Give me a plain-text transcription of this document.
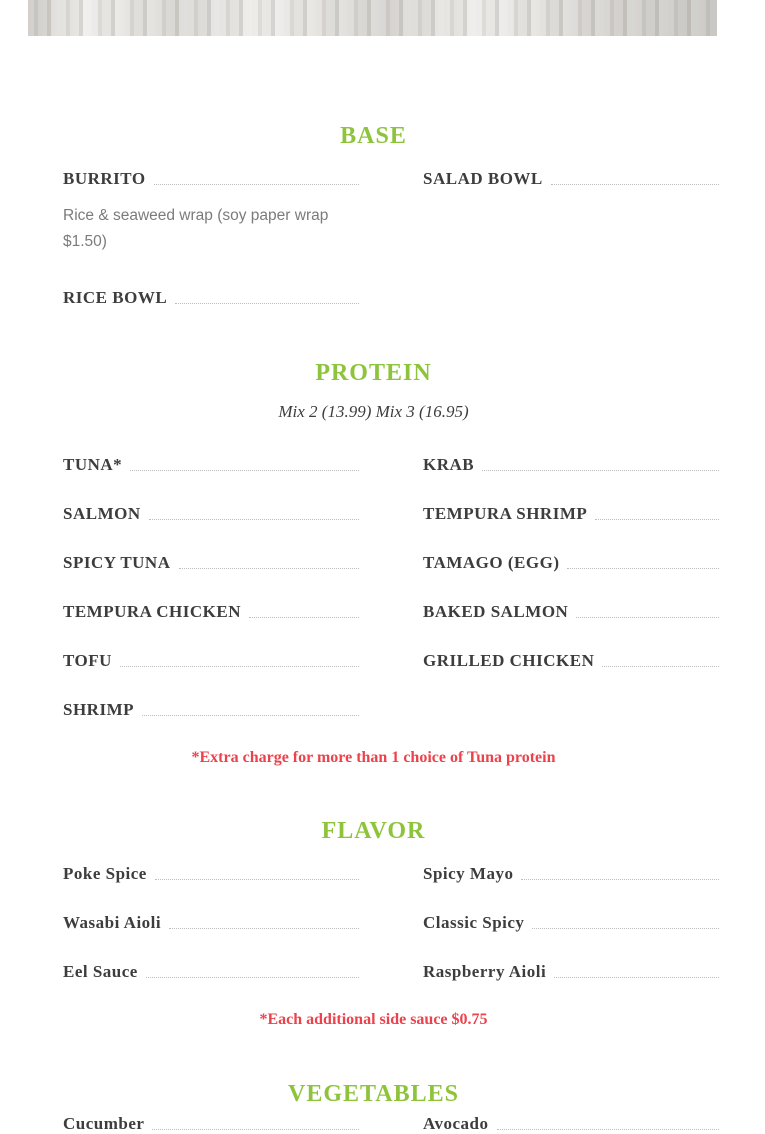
BASE
BURRITO

Rice & seaweed wrap (soy paper wrap $1.50)

RICE BOWL
SALAD BOWL
PROTEIN

Mix 2 (13.99) Mix 3 (16.95)

TUNA*
SALMON
SPICY TUNA
TEMPURA CHICKEN
TOFU
SHRIMP
KRAB
TEMPURA SHRIMP
TAMAGO (EGG)
BAKED SALMON
GRILLED CHICKEN

*Extra charge for more than 1 choice of Tuna protein

FLAVOR
Poke Spice
Wasabi Aioli
Eel Sauce
Spicy Mayo
Classic Spicy
Raspberry Aioli

*Each additional side sauce $0.75

VEGETABLES
Cucumber	Avocado
